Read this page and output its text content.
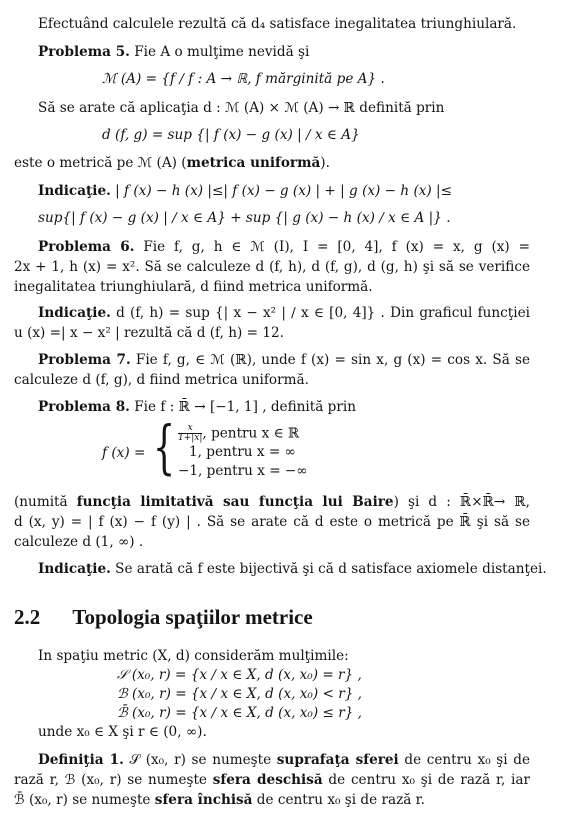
Efectuând calculele rezultă că d₄ satisface inegalitatea triunghiulară.
Problema 5. Fie A o mulţime nevidă şi
ℳ (A) = {f ∕ f : A → ℝ, f mărginită pe A} .
Să se arate că aplicaţia d : ℳ (A) × ℳ (A) → ℝ definită prin
d (f, g) = sup {| f (x) − g (x) | ∕ x ∈ A}
este o metrică pe ℳ (A) (metrica uniformă).
Indicaţie. | f (x) − h (x) |≤| f (x) − g (x) | + | g (x) − h (x) |≤
sup{| f (x) − g (x) | ∕ x ∈ A} + sup {| g (x) − h (x) ∕ x ∈ A |} .
Problema 6. Fie f, g, h ∈ ℳ (I), I = [0, 4], f (x) = x, g (x) =
2x + 1, h (x) = x². Să se calculeze d (f, h), d (f, g), d (g, h) şi să se verifice
inegalitatea triunghiulară, d fiind metrica uniformă.
Indicaţie. d (f, h) = sup {| x − x² | ∕ x ∈ [0, 4]} . Din graficul funcţiei
u (x) =| x − x² | rezultă că d (f, h) = 12.
Problema 7. Fie f, g, ∈ ℳ (ℝ), unde f (x) = sin x, g (x) = cos x. Să se
calculeze d (f, g), d fiind metrica uniformă.
Problema 8. Fie f : ℝ̄ → [−1, 1] , definită prin
f (x) = { $\frac{x}{1+|x|}$ , pentru x ∈ ℝ
1, pentru x = ∞
−1, pentru x = −∞
(numită funcţia limitativă sau funcţia lui Baire) şi d : ℝ̄×ℝ̄→ ℝ,
d (x, y) = | f (x) − f (y) | . Să se arate că d este o metrică pe ℝ̄ şi să se
calculeze d (1, ∞) .
Indicaţie. Se arată că f este bijectivă şi că d satisface axiomele distanţei.
2.2 Topologia spaţiilor metrice
In spaţiu metric (X, d) considerăm mulţimile:
𝒮 (x₀, r) = {x ∕ x ∈ X, d (x, x₀) = r} ,
ℬ (x₀, r) = {x ∕ x ∈ X, d (x, x₀) < r} ,
ℬ̄ (x₀, r) = {x ∕ x ∈ X, d (x, x₀) ≤ r} ,
unde x₀ ∈ X şi r ∈ (0, ∞).
Definiţia 1. 𝒮 (x₀, r) se numeşte suprafaţa sferei de centru x₀ şi de
rază r, ℬ (x₀, r) se numeşte sfera deschisă de centru x₀ şi de rază r, iar
ℬ̄ (x₀, r) se numeşte sfera închisă de centru x₀ şi de rază r.
